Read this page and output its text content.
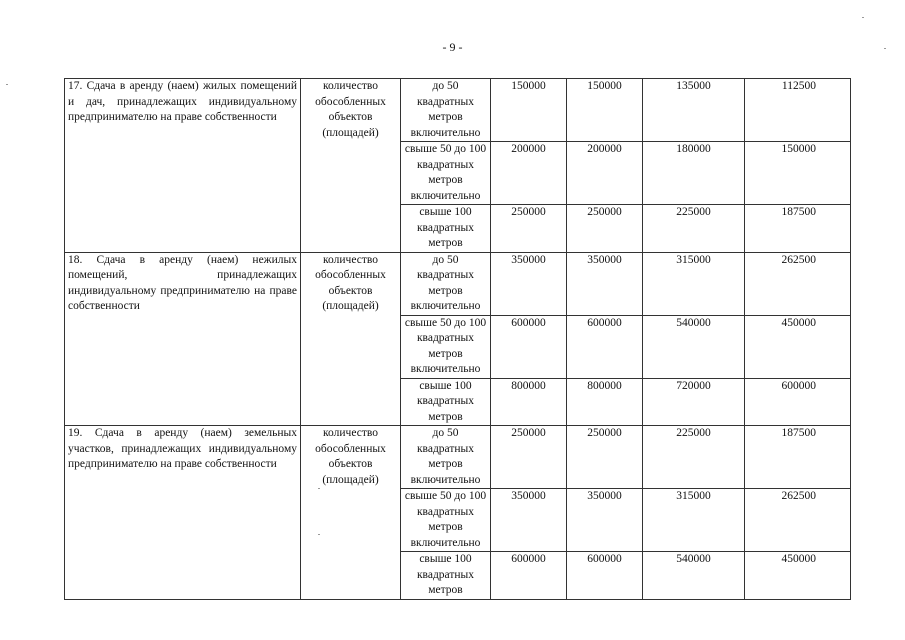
- 9 -
17. Сдача в аренду (наем) жилых помещений и дач, принадлежащих индивидуальному предпринимателю на праве собственности	количество обособленных объектов (площадей)	до 50 квадратных метров включительно	150000	150000	135000	112500
		свыше 50 до 100 квадратных метров включительно	200000	200000	180000	150000
		свыше 100 квадратных метров	250000	250000	225000	187500
18. Сдача в аренду (наем) нежилых помещений, принадлежащих индивидуальному предпринимателю на праве собственности	количество обособленных объектов (площадей)	до 50 квадратных метров включительно	350000	350000	315000	262500
		свыше 50 до 100 квадратных метров включительно	600000	600000	540000	450000
		свыше 100 квадратных метров	800000	800000	720000	600000
19. Сдача в аренду (наем) земельных участков, принадлежащих индивидуальному предпринимателю на праве собственности	количество обособленных объектов (площадей)	до 50 квадратных метров включительно	250000	250000	225000	187500
		свыше 50 до 100 квадратных метров включительно	350000	350000	315000	262500
		свыше 100 квадратных метров	600000	600000	540000	450000
